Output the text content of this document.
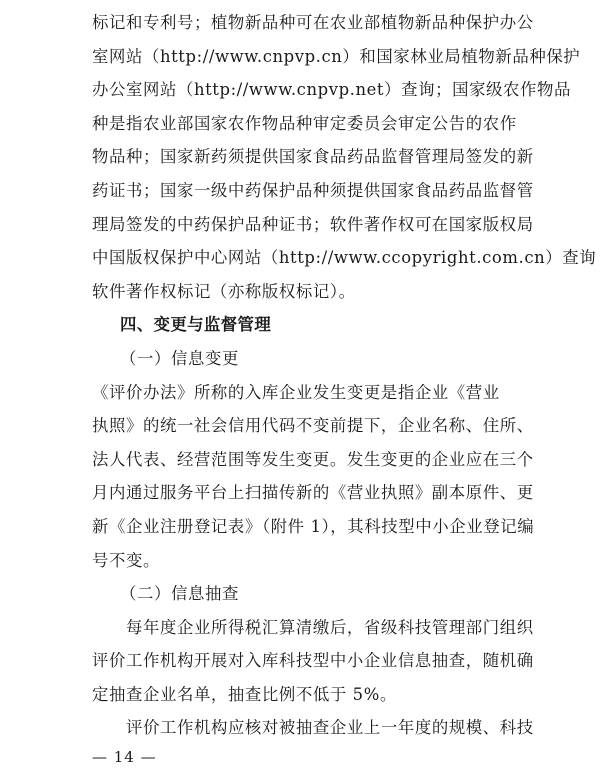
标记和专利号；植物新品种可在农业部植物新品种保护办公
室网站（http://www.cnpvp.cn）和国家林业局植物新品种保护
办公室网站（http://www.cnpvp.net）查询；国家级农作物品
种是指农业部国家农作物品种审定委员会审定公告的农作
物品种；国家新药须提供国家食品药品监督管理局签发的新
药证书；国家一级中药保护品种须提供国家食品药品监督管
理局签发的中药保护品种证书；软件著作权可在国家版权局
中国版权保护中心网站（http://www.ccopyright.com.cn）查询
软件著作权标记（亦称版权标记）。
四、变更与监督管理
（一）信息变更
《评价办法》所称的入库企业发生变更是指企业《营业
执照》的统一社会信用代码不变前提下，企业名称、住所、
法人代表、经营范围等发生变更。发生变更的企业应在三个
月内通过服务平台上扫描传新的《营业执照》副本原件、更
新《企业注册登记表》（附件 1），其科技型中小企业登记编
号不变。
（二）信息抽查
每年度企业所得税汇算清缴后，省级科技管理部门组织
评价工作机构开展对入库科技型中小企业信息抽查，随机确
定抽查企业名单，抽查比例不低于 5%。
评价工作机构应核对被抽查企业上一年度的规模、科技
— 14 —
